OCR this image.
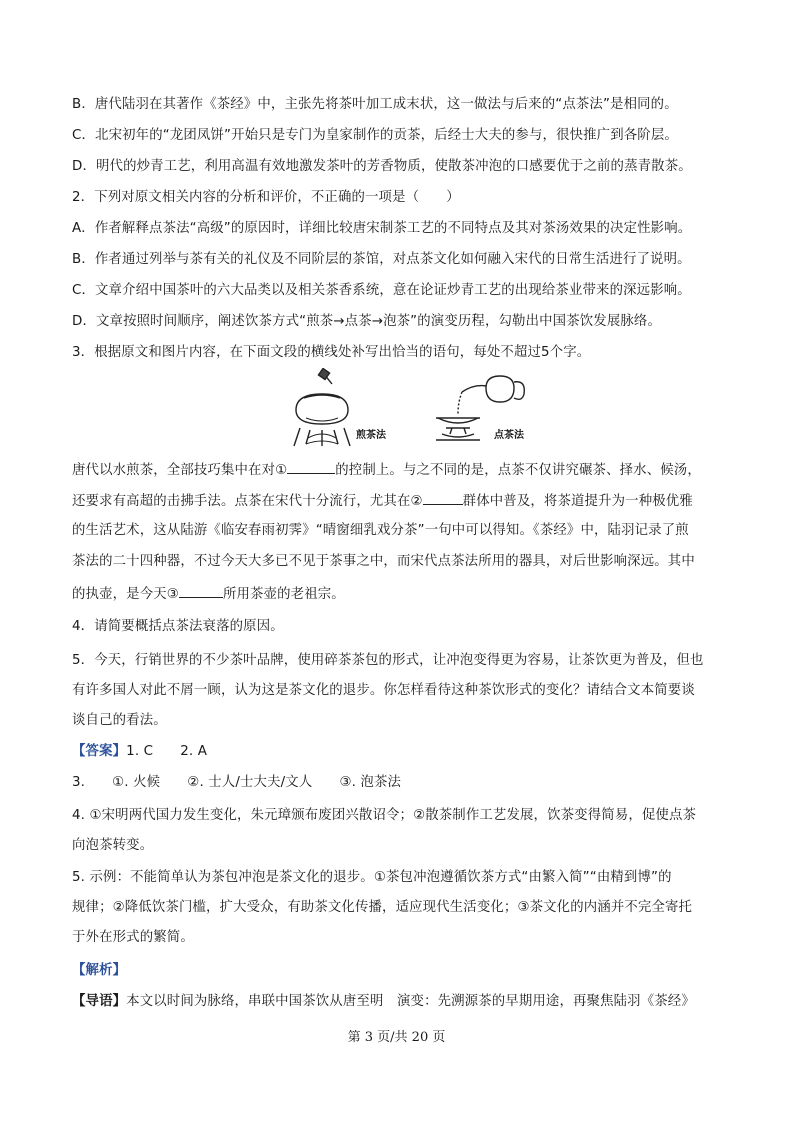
B．唐代陆羽在其著作《茶经》中，主张先将茶叶加工成末状，这一做法与后来的“点茶法”是相同的。
C．北宋初年的“龙团凤饼”开始只是专门为皇家制作的贡茶，后经士大夫的参与，很快推广到各阶层。
D．明代的炒青工艺，利用高温有效地激发茶叶的芳香物质，使散茶冲泡的口感要优于之前的蒸青散茶。
2．下列对原文相关内容的分析和评价，不正确的一项是（　　）
A．作者解释点茶法“高级”的原因时，详细比较唐宋制茶工艺的不同特点及其对茶汤效果的决定性影响。
B．作者通过列举与茶有关的礼仪及不同阶层的茶馆，对点茶文化如何融入宋代的日常生活进行了说明。
C．文章介绍中国茶叶的六大品类以及相关茶香系统，意在论证炒青工艺的出现给茶业带来的深远影响。
D．文章按照时间顺序，阐述饮茶方式“煎茶→点茶→泡茶”的演变历程，勾勒出中国茶饮发展脉络。
3．根据原文和图片内容，在下面文段的横线处补写出恰当的语句，每处不超过5个字。
煎茶法	点茶法
唐代以水煎茶，全部技巧集中在对①	的控制上。与之不同的是，点茶不仅讲究碾茶、择水、候汤，
还要求有高超的击拂手法。点茶在宋代十分流行，尤其在②	群体中普及，将茶道提升为一种极优雅
的生活艺术，这从陆游《临安春雨初霁》“晴窗细乳戏分茶”一句中可以得知。《茶经》中，陆羽记录了煎
茶法的二十四种器，不过今天大多已不见于茶事之中，而宋代点茶法所用的器具，对后世影响深远。其中
的执壶，是今天③	所用茶壶的老祖宗。
4．请简要概括点茶法衰落的原因。
5．今天，行销世界的不少茶叶品牌，使用碎茶茶包的形式，让冲泡变得更为容易，让茶饮更为普及，但也
有许多国人对此不屑一顾，认为这是茶文化的退步。你怎样看待这种茶饮形式的变化？请结合文本简要谈
谈自己的看法。
【答案】1. C　　2. A
3.　　①. 火候　　②. 士人/士大夫/文人　　③. 泡茶法
4. ①宋明两代国力发生变化，朱元璋颁布废团兴散诏令；②散茶制作工艺发展，饮茶变得简易，促使点茶
向泡茶转变。
5. 示例：不能简单认为茶包冲泡是茶文化的退步。①茶包冲泡遵循饮茶方式“由繁入简”“由精到博”的
规律；②降低饮茶门槛，扩大受众，有助茶文化传播，适应现代生活变化；③茶文化的内涵并不完全寄托
于外在形式的繁简。
【解析】
【导语】本文以时间为脉络，串联中国茶饮从唐至明　演变：先溯源茶的早期用途，再聚焦陆羽《茶经》
第 3 页/共 20 页
